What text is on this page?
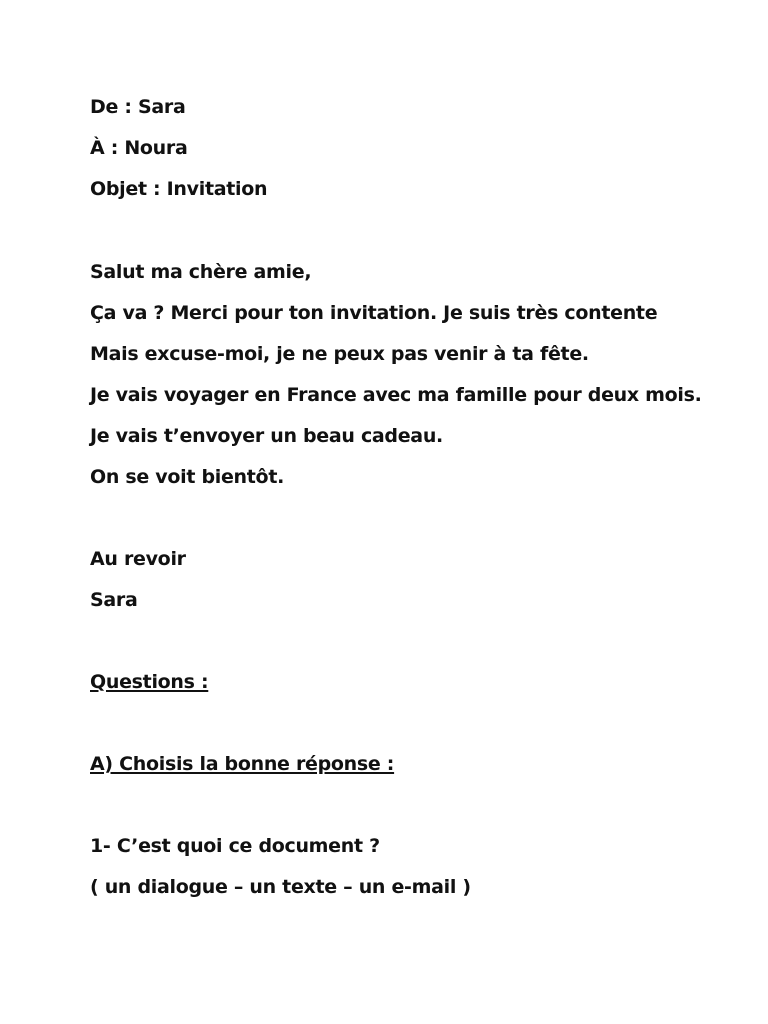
De : Sara
À : Noura
Objet : Invitation
Salut ma chère amie,
Ça va ? Merci pour ton invitation. Je suis très contente
Mais excuse-moi, je ne peux pas venir à ta fête.
Je vais voyager en France avec ma famille pour deux mois.
Je vais t’envoyer un beau cadeau.
On se voit bientôt.
Au revoir
Sara
Questions :
A) Choisis la bonne réponse :
1- C’est quoi ce document ?
( un dialogue – un texte – un e-mail )
